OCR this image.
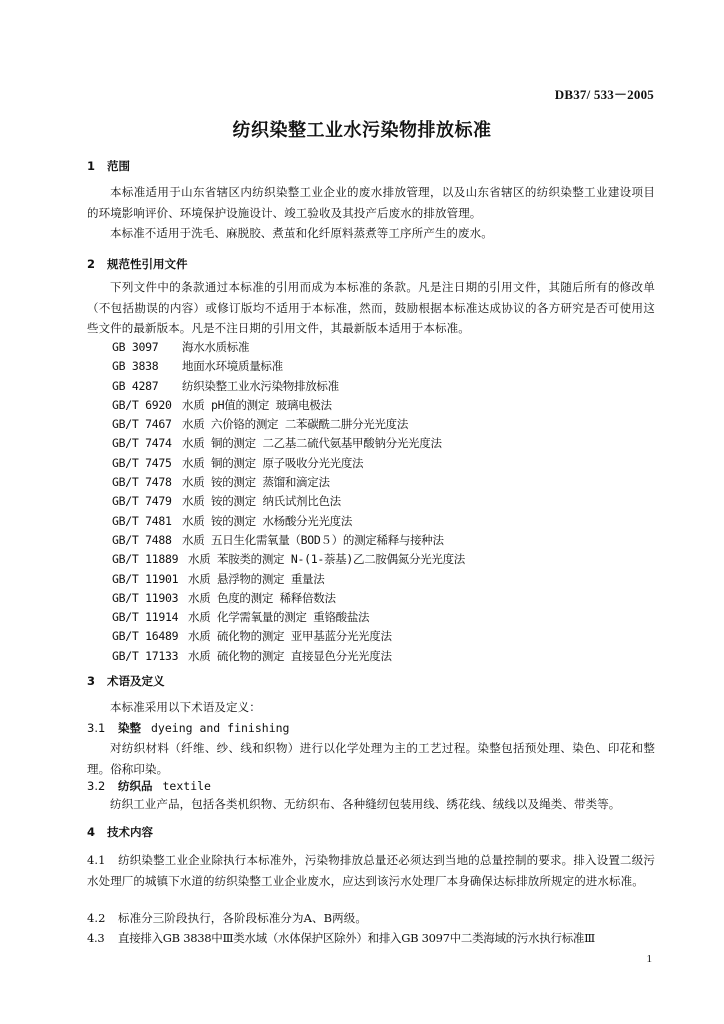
DB37/ 533－2005
纺织染整工业水污染物排放标准
1 范围
本标准适用于山东省辖区内纺织染整工业企业的废水排放管理，以及山东省辖区的纺织染整工业建设项目的环境影响评价、环境保护设施设计、竣工验收及其投产后废水的排放管理。
本标准不适用于洗毛、麻脱胶、煮茧和化纤原料蒸煮等工序所产生的废水。
2 规范性引用文件
下列文件中的条款通过本标准的引用而成为本标准的条款。凡是注日期的引用文件，其随后所有的修改单（不包括勘误的内容）或修订版均不适用于本标准，然而，鼓励根据本标准达成协议的各方研究是否可使用这些文件的最新版本。凡是不注日期的引用文件，其最新版本适用于本标准。
GB 3097 海水水质标准
GB 3838 地面水环境质量标准
GB 4287 纺织染整工业水污染物排放标准
GB/T 6920 水质 pH值的测定 玻璃电极法
GB/T 7467 水质 六价铬的测定 二苯碳酰二肼分光光度法
GB/T 7474 水质 铜的测定 二乙基二硫代氨基甲酸钠分光光度法
GB/T 7475 水质 铜的测定 原子吸收分光光度法
GB/T 7478 水质 铵的测定 蒸馏和滴定法
GB/T 7479 水质 铵的测定 纳氏试剂比色法
GB/T 7481 水质 铵的测定 水杨酸分光光度法
GB/T 7488 水质 五日生化需氧量（BOD５）的测定稀释与接种法
GB/T 11889 水质 苯胺类的测定 N-(1-萘基)乙二胺偶氮分光光度法
GB/T 11901 水质 悬浮物的测定 重量法
GB/T 11903 水质 色度的测定 稀释倍数法
GB/T 11914 水质 化学需氧量的测定 重铬酸盐法
GB/T 16489 水质 硫化物的测定 亚甲基蓝分光光度法
GB/T 17133 水质 硫化物的测定 直接显色分光光度法
3 术语及定义
本标准采用以下术语及定义：
3.1 染整 dyeing and finishing
对纺织材料（纤维、纱、线和织物）进行以化学处理为主的工艺过程。染整包括预处理、染色、印花和整理。俗称印染。
3.2 纺织品 textile
纺织工业产品，包括各类机织物、无纺织布、各种缝纫包装用线、绣花线、绒线以及绳类、带类等。
4 技术内容
4.1 纺织染整工业企业除执行本标准外，污染物排放总量还必须达到当地的总量控制的要求。排入设置二级污水处理厂的城镇下水道的纺织染整工业企业废水，应达到该污水处理厂本身确保达标排放所规定的进水标准。
4.2 标准分三阶段执行，各阶段标准分为A、B两级。
4.3 直接排入GB 3838中Ⅲ类水域（水体保护区除外）和排入GB 3097中二类海域的污水执行标准Ⅲ
1
